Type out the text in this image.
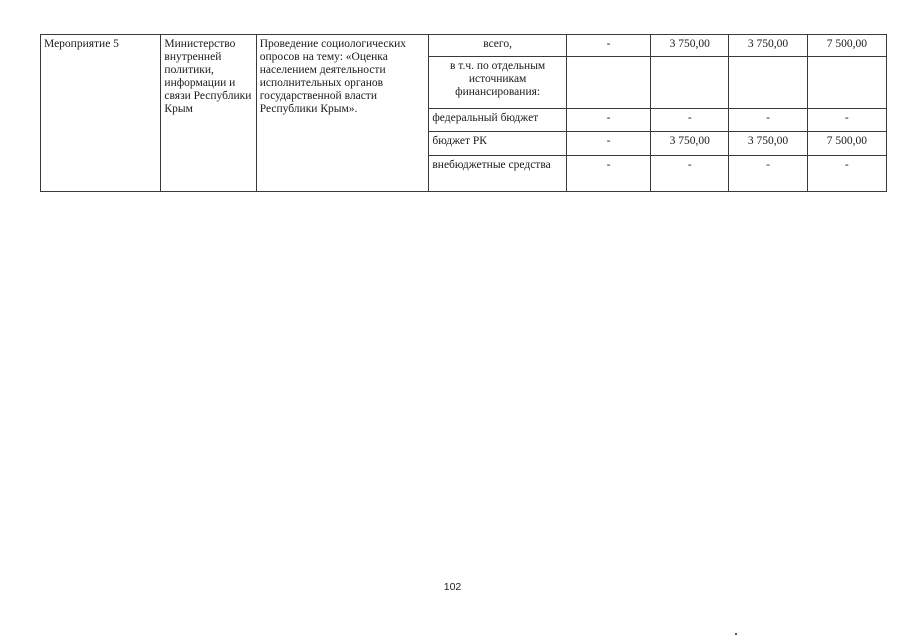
Мероприятие 5	Министерство внутренней политики, информации и связи Республики Крым	Проведение социологических опросов на тему: «Оценка населением деятельности исполнительных органов государственной власти Республики Крым».	всего,	-	3 750,00	3 750,00	7 500,00
			в т.ч. по отдельным источникам финансирования:				
			федеральный бюджет	-	-	-	-
			бюджет РК	-	3 750,00	3 750,00	7 500,00
			внебюджетные средства	-	-	-	-
102
